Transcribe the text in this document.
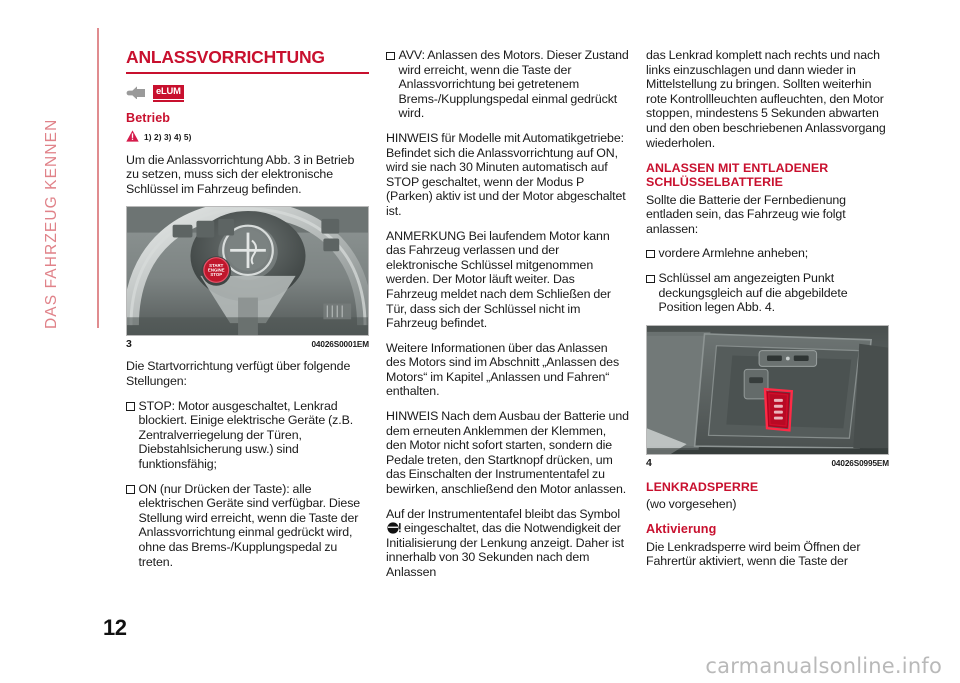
DAS FAHRZEUG KENNEN
ANLASSVORRICHTUNG
eLUM
Betrieb
1) 2) 3) 4) 5)

Um die Anlassvorrichtung Abb. 3 in Betrieb zu setzen, muss sich der elektronische Schlüssel im Fahrzeug befinden.

START
ENGINE
STOP
3	04026S0001EM

Die Startvorrichtung verfügt über folgende Stellungen:

STOP: Motor ausgeschaltet, Lenkrad blockiert. Einige elektrische Geräte (z.B. Zentralverriegelung der Türen, Diebstahlsicherung usw.) sind funktionsfähig;

ON (nur Drücken der Taste): alle elektrischen Geräte sind verfügbar. Diese Stellung wird erreicht, wenn die Taste der Anlassvorrichtung einmal gedrückt wird, ohne das Brems-/Kupplungspedal zu treten.

AVV: Anlassen des Motors. Dieser Zustand wird erreicht, wenn die Taste der Anlassvorrichtung bei getretenem Brems-/Kupplungspedal einmal gedrückt wird.

HINWEIS für Modelle mit Automatikgetriebe: Befindet sich die Anlassvorrichtung auf ON, wird sie nach 30 Minuten automatisch auf STOP geschaltet, wenn der Modus P (Parken) aktiv ist und der Motor abgeschaltet ist.

ANMERKUNG Bei laufendem Motor kann das Fahrzeug verlassen und der elektronische Schlüssel mitgenommen werden. Der Motor läuft weiter. Das Fahrzeug meldet nach dem Schließen der Tür, dass sich der Schlüssel nicht im Fahrzeug befindet.

Weitere Informationen über das Anlassen des Motors sind im Abschnitt „Anlassen des Motors“ im Kapitel „Anlassen und Fahren“ enthalten.

HINWEIS Nach dem Ausbau der Batterie und dem erneuten Anklemmen der Klemmen, den Motor nicht sofort starten, sondern die Pedale treten, den Startknopf drücken, um das Einschalten der Instrumententafel zu bewirken, anschließend den Motor anlassen.

Auf der Instrumententafel bleibt das Symbol  eingeschaltet, das die Notwendigkeit der Initialisierung der Lenkung anzeigt. Daher ist innerhalb von 30 Sekunden nach dem Anlassen

das Lenkrad komplett nach rechts und nach links einzuschlagen und dann wieder in Mittelstellung zu bringen. Sollten weiterhin rote Kontrollleuchten aufleuchten, den Motor stoppen, mindestens 5 Sekunden abwarten und den oben beschriebenen Anlassvorgang wiederholen.

ANLASSEN MIT ENTLADENER SCHLÜSSELBATTERIE

Sollte die Batterie der Fernbedienung entladen sein, das Fahrzeug wie folgt anlassen:

vordere Armlehne anheben;

Schlüssel am angezeigten Punkt deckungsgleich auf die abgebildete Position legen Abb. 4.

4	04026S0995EM
LENKRADSPERRE

(wo vorgesehen)

Aktivierung

Die Lenkradsperre wird beim Öffnen der Fahrertür aktiviert, wenn die Taste der

12
carmanualsonline.info
